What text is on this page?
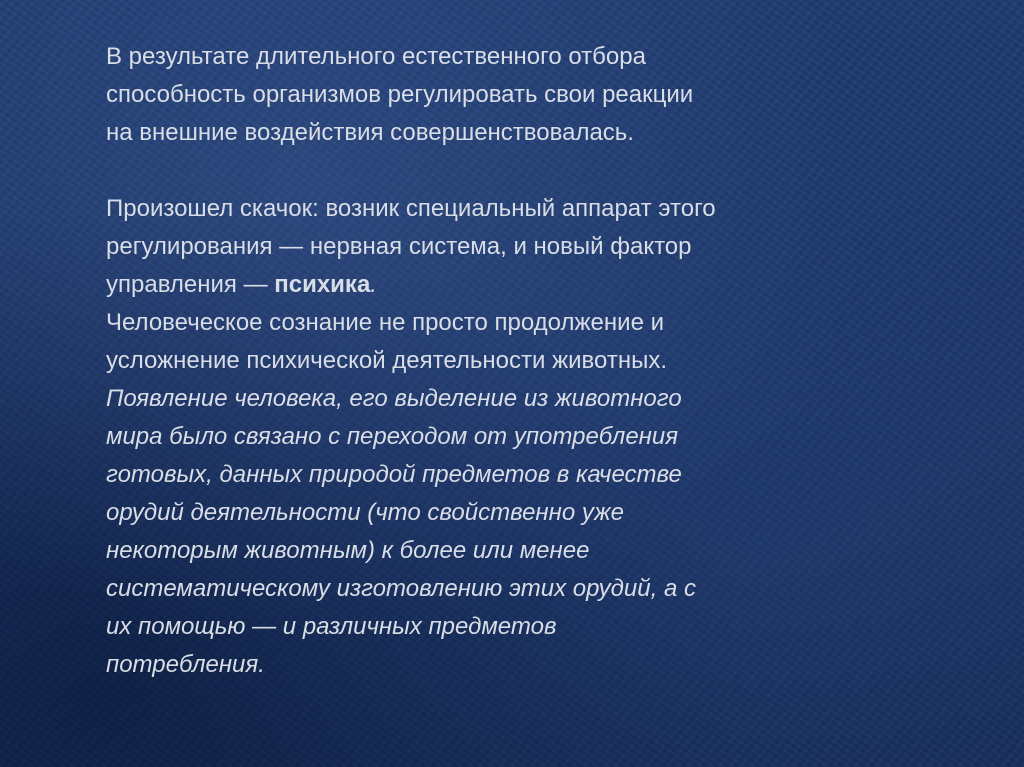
В результате длительного естественного отбора

способность организмов регулировать свои реакции

на внешние воздействия совершенствовалась.

Произошел скачок: возник специальный аппарат этого

регулирования — нервная система, и новый фактор

управления — психика.

Человеческое сознание не просто продолжение и

усложнение психической деятельности животных.

Появление человека, его выделение из животного

мира было связано с переходом от употребления

готовых, данных природой предметов в качестве

орудий деятельности (что свойственно уже

некоторым животным) к более или менее

систематическому изготовлению этих орудий, а с

их помощью — и различных предметов

потребления.
